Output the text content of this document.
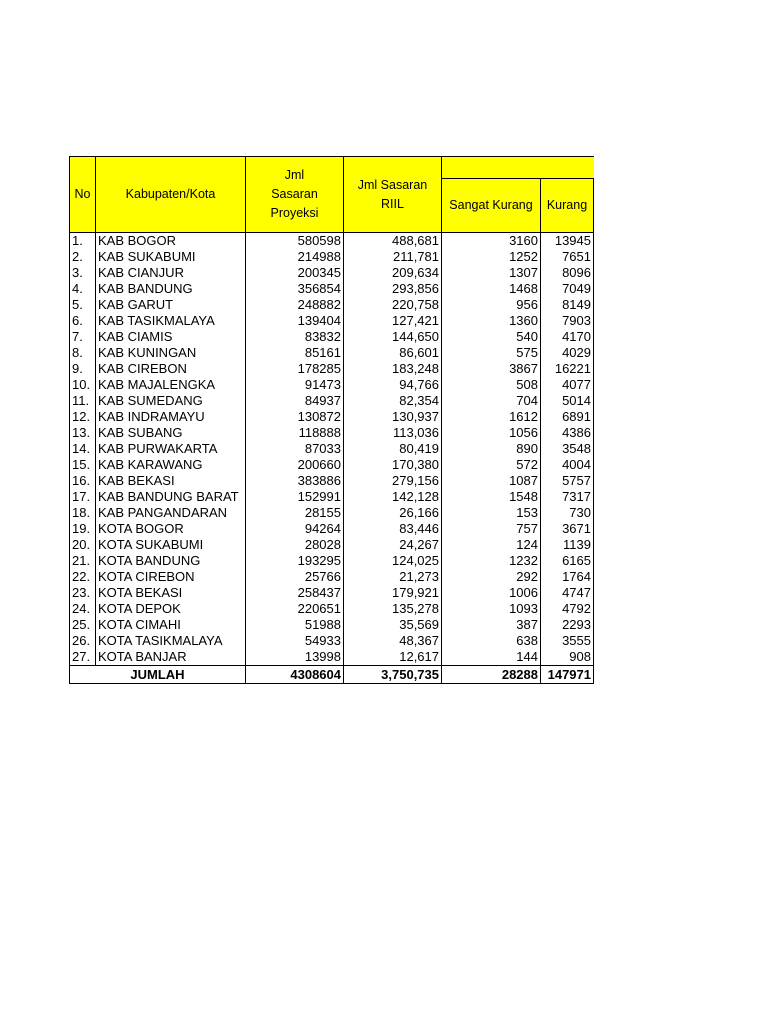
No	Kabupaten/Kota	Jml Sasaran Proyeksi	Jml Sasaran RIIL		
				Sangat Kurang	Kurang
1.	KAB BOGOR	580598	488,681	3160	13945
2.	KAB SUKABUMI	214988	211,781	1252	7651
3.	KAB CIANJUR	200345	209,634	1307	8096
4.	KAB BANDUNG	356854	293,856	1468	7049
5.	KAB GARUT	248882	220,758	956	8149
6.	KAB TASIKMALAYA	139404	127,421	1360	7903
7.	KAB CIAMIS	83832	144,650	540	4170
8.	KAB KUNINGAN	85161	86,601	575	4029
9.	KAB CIREBON	178285	183,248	3867	16221
10.	KAB MAJALENGKA	91473	94,766	508	4077
11.	KAB SUMEDANG	84937	82,354	704	5014
12.	KAB INDRAMAYU	130872	130,937	1612	6891
13.	KAB SUBANG	118888	113,036	1056	4386
14.	KAB PURWAKARTA	87033	80,419	890	3548
15.	KAB KARAWANG	200660	170,380	572	4004
16.	KAB BEKASI	383886	279,156	1087	5757
17.	KAB BANDUNG BARAT	152991	142,128	1548	7317
18.	KAB PANGANDARAN	28155	26,166	153	730
19.	KOTA BOGOR	94264	83,446	757	3671
20.	KOTA SUKABUMI	28028	24,267	124	1139
21.	KOTA BANDUNG	193295	124,025	1232	6165
22.	KOTA CIREBON	25766	21,273	292	1764
23.	KOTA BEKASI	258437	179,921	1006	4747
24.	KOTA DEPOK	220651	135,278	1093	4792
25.	KOTA CIMAHI	51988	35,569	387	2293
26.	KOTA TASIKMALAYA	54933	48,367	638	3555
27.	KOTA BANJAR	13998	12,617	144	908
JUMLAH		4308604	3,750,735	28288	147971
